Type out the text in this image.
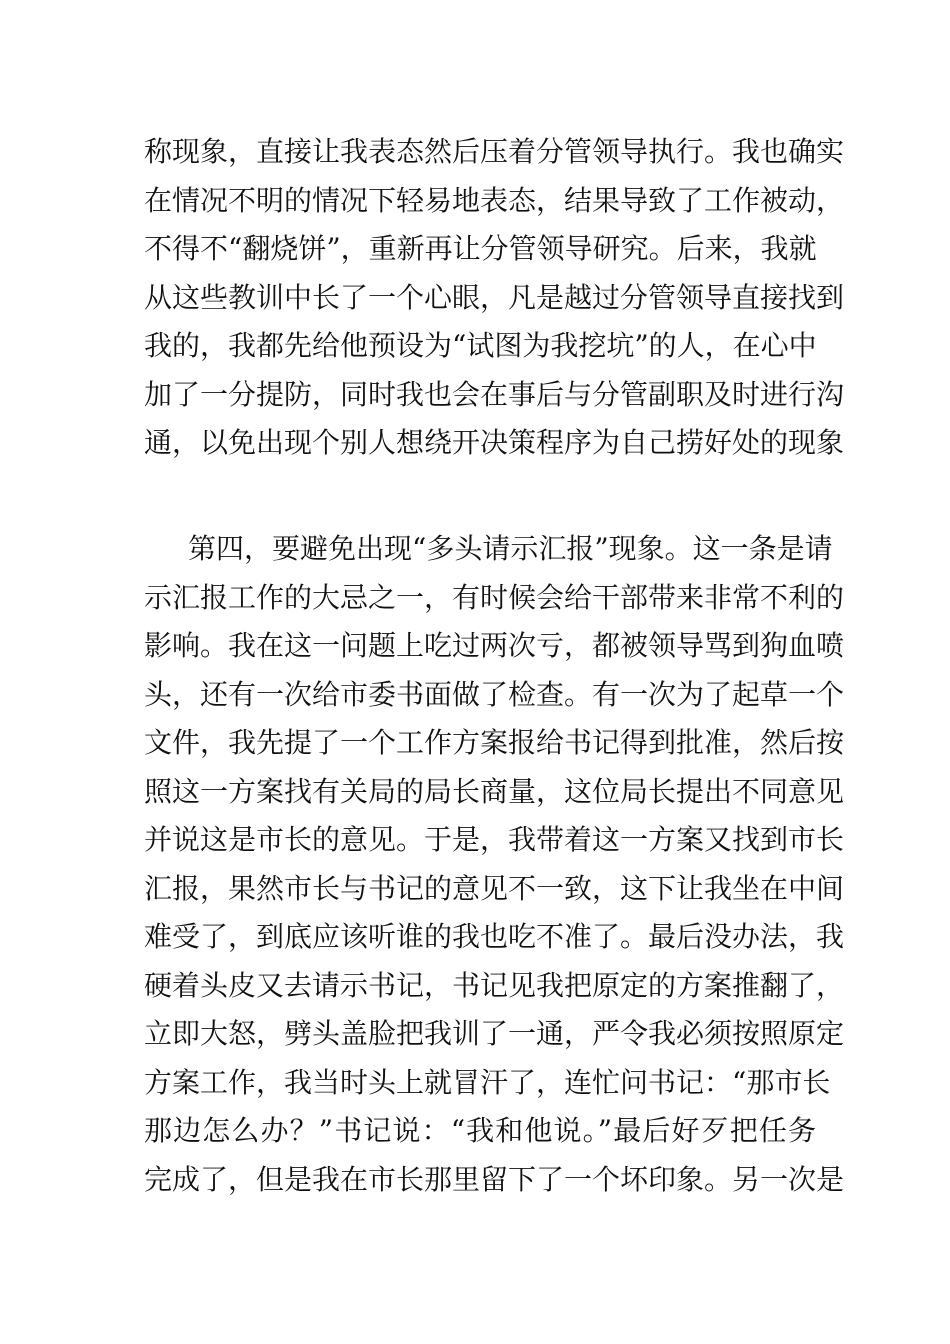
称现象，直接让我表态然后压着分管领导执行。我也确实
在情况不明的情况下轻易地表态，结果导致了工作被动，
不得不“翻烧饼”，重新再让分管领导研究。后来，我就
从这些教训中长了一个心眼，凡是越过分管领导直接找到
我的，我都先给他预设为“试图为我挖坑”的人，在心中
加了一分提防，同时我也会在事后与分管副职及时进行沟
通，以免出现个别人想绕开决策程序为自己捞好处的现象
第四，要避免出现“多头请示汇报”现象。这一条是请
示汇报工作的大忌之一，有时候会给干部带来非常不利的
影响。我在这一问题上吃过两次亏，都被领导骂到狗血喷
头，还有一次给市委书面做了检查。有一次为了起草一个
文件，我先提了一个工作方案报给书记得到批准，然后按
照这一方案找有关局的局长商量，这位局长提出不同意见
并说这是市长的意见。于是，我带着这一方案又找到市长
汇报，果然市长与书记的意见不一致，这下让我坐在中间
难受了，到底应该听谁的我也吃不准了。最后没办法，我
硬着头皮又去请示书记，书记见我把原定的方案推翻了，
立即大怒，劈头盖脸把我训了一通，严令我必须按照原定
方案工作，我当时头上就冒汗了，连忙问书记：“那市长
那边怎么办？”书记说：“我和他说。”最后好歹把任务
完成了，但是我在市长那里留下了一个坏印象。另一次是
